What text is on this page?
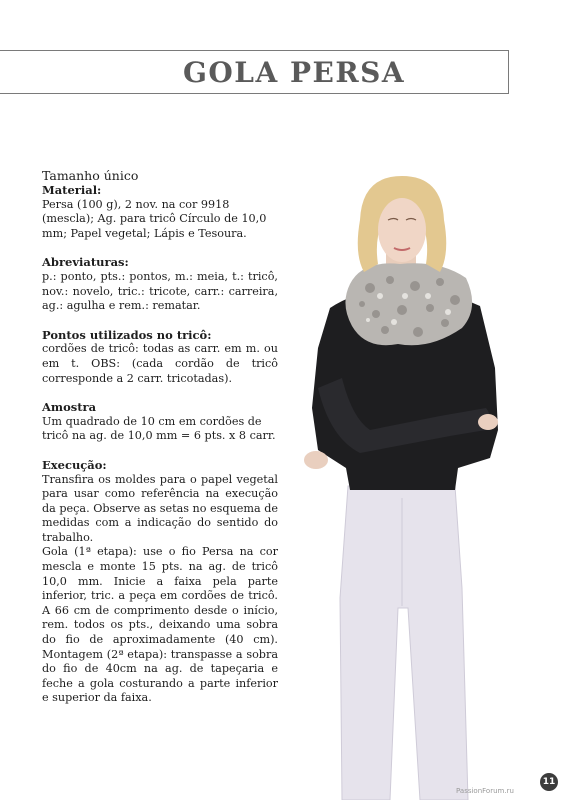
GOLA PERSA
Tamanho único
Material:
Persa (100 g), 2 nov. na cor 9918 (mescla); Ag. para tricô Círculo de 10,0 mm; Papel vegetal; Lápis e Tesoura.
Abreviaturas:
p.: ponto, pts.: pontos, m.: meia, t.: tricô, nov.: novelo, tric.: tricote, carr.: carreira, ag.: agulha e rem.: rematar.
Pontos utilizados no tricô:
cordões de tricô: todas as carr. em m. ou em t. OBS: (cada cordão de tricô corresponde a 2 carr. tricotadas).
Amostra
Um quadrado de 10 cm em cordões de tricô na ag. de 10,0 mm = 6 pts. x 8 carr.
Execução:
Transfira os moldes para o papel vegetal para usar como referência na execução da peça. Observe as setas no esquema de medidas com a indicação do sentido do trabalho.
Gola (1ª etapa): use o fio Persa na cor mescla e monte 15 pts. na ag. de tricô 10,0 mm. Inicie a faixa pela parte inferior, tric. a peça em cordões de tricô. A 66 cm de comprimento desde o início, rem. todos os pts., deixando uma sobra do fio de aproximadamente (40 cm). Montagem (2ª etapa): transpasse a sobra do fio de 40cm na ag. de tapeçaria e feche a gola costurando a parte inferior e superior da faixa.
11
PassionForum.ru
